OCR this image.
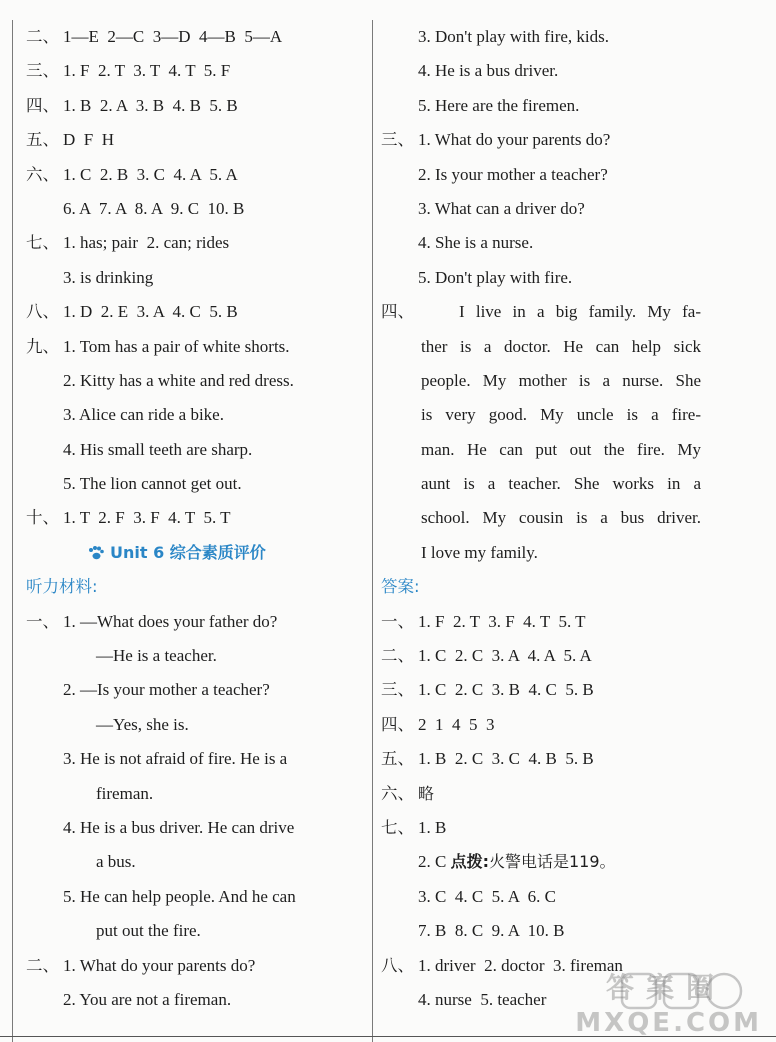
二、 1—E  2—C  3—D  4—B  5—A
三、 1. F  2. T  3. T  4. T  5. F
四、 1. B  2. A  3. B  4. B  5. B
五、 D  F  H
六、 1. C  2. B  3. C  4. A  5. A
6. A  7. A  8. A  9. C  10. B
七、 1. has; pair  2. can; rides
3. is drinking
八、 1. D  2. E  3. A  4. C  5. B
九、 1. Tom has a pair of white shorts.
2. Kitty has a white and red dress.
3. Alice can ride a bike.
4. His small teeth are sharp.
5. The lion cannot get out.
十、 1. T  2. F  3. F  4. T  5. T
Unit 6 综合素质评价
听力材料:
一、 1. —What does your father do?
—He is a teacher.
2. —Is your mother a teacher?
—Yes, she is.
3. He is not afraid of fire. He is a
fireman.
4. He is a bus driver. He can drive
a bus.
5. He can help people. And he can
put out the fire.
二、 1. What do your parents do?
2. You are not a fireman.
3. Don't play with fire, kids.
4. He is a bus driver.
5. Here are the firemen.
三、 1. What do your parents do?
2. Is your mother a teacher?
3. What can a driver do?
4. She is a nurse.
5. Don't play with fire.
四、	I live in a big family. My fa-
ther is a doctor. He can help sick
people. My mother is a nurse. She
is very good. My uncle is a fire-
man. He can put out the fire. My
aunt is a teacher. She works in a
school. My cousin is a bus driver.
I love my family.
答案:
一、 1. F  2. T  3. F  4. T  5. T
二、 1. C  2. C  3. A  4. A  5. A
三、 1. C  2. C  3. B  4. C  5. B
四、 2  1  4  5  3
五、 1. B  2. C  3. C  4. B  5. B
六、 略
七、 1. B
2. C 点拨:火警电话是119。
3. C  4. C  5. A  6. C
7. B  8. C  9. A  10. B
八、 1. driver  2. doctor  3. fireman
4. nurse  5. teacher	答案圈
MXQE.COM
